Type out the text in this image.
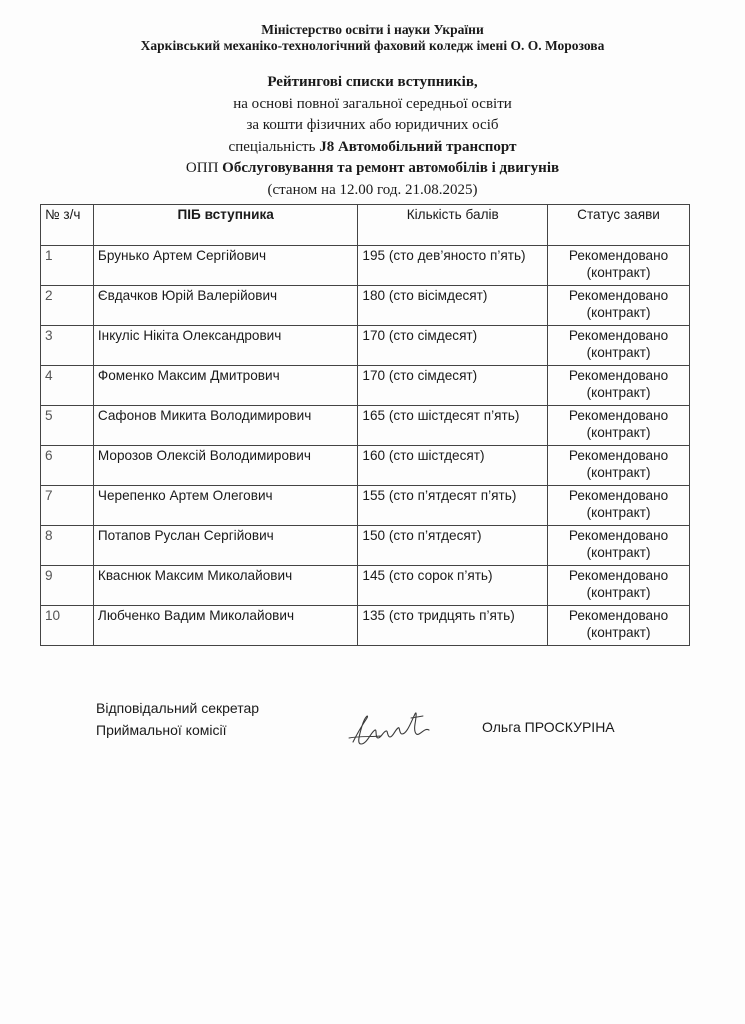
Міністерство освіти і науки України
Харківський механіко-технологічний фаховий коледж імені О. О. Морозова
Рейтингові списки вступників,
на основі повної загальної середньої освіти
за кошти фізичних або юридичних осіб
спеціальність J8 Автомобільний транспорт
ОПП Обслуговування та ремонт автомобілів і двигунів
(станом на 12.00 год. 21.08.2025)
№ з/ч	ПІБ вступника	Кількість балів	Статус заяви
1	Брунько Артем Сергійович	195 (сто дев’яносто п’ять)	Рекомендовано (контракт)
2	Євдачков Юрій Валерійович	180 (сто вісімдесят)	Рекомендовано (контракт)
3	Інкуліс Нікіта Олександрович	170 (сто сімдесят)	Рекомендовано (контракт)
4	Фоменко Максим Дмитрович	170 (сто сімдесят)	Рекомендовано (контракт)
5	Сафонов Микита Володимирович	165 (сто шістдесят п’ять)	Рекомендовано (контракт)
6	Морозов Олексій Володимирович	160 (сто шістдесят)	Рекомендовано (контракт)
7	Черепенко Артем Олегович	155 (сто п’ятдесят п’ять)	Рекомендовано (контракт)
8	Потапов Руслан Сергійович	150 (сто п’ятдесят)	Рекомендовано (контракт)
9	Кваснюк Максим Миколайович	145 (сто сорок п’ять)	Рекомендовано (контракт)
10	Любченко Вадим Миколайович	135 (сто тридцять п’ять)	Рекомендовано (контракт)
Відповідальний секретар
Приймальної комісії	Ольга ПРОСКУРІНА
